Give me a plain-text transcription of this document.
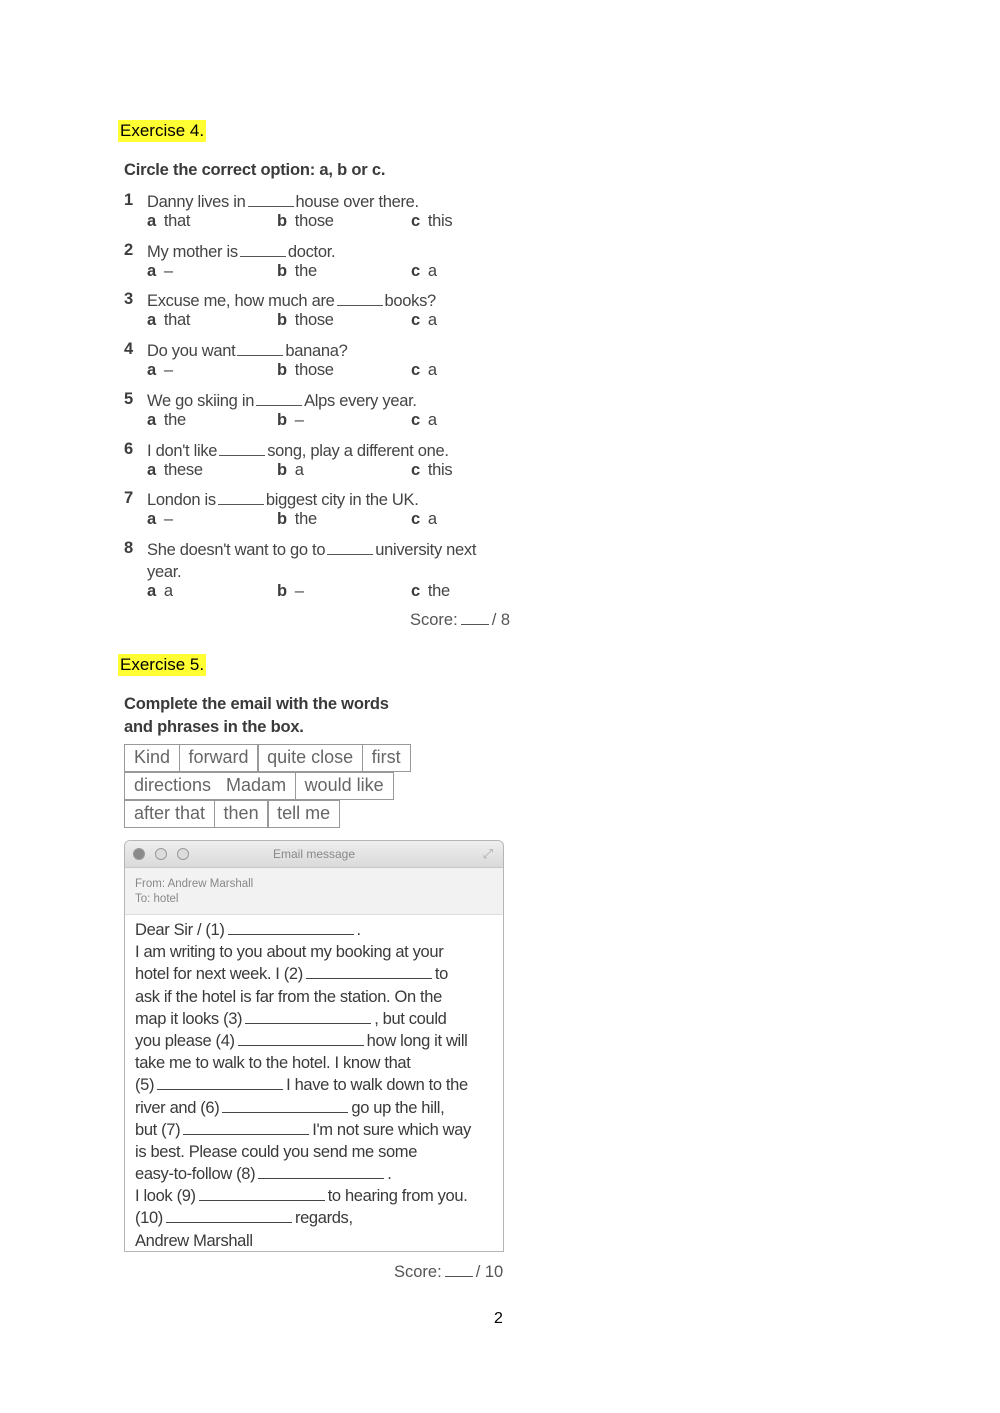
Exercise 4.
Circle the correct option: a, b or c.
1 Danny lives in	house over there.
a that	b those	c this
2 My mother is	doctor.
a –	b the	c a
3 Excuse me, how much are	books?
a that	b those	c a
4 Do you want	banana?
a –	b those	c a
5 We go skiing in	Alps every year.
a the	b –	c a
6 I don't like	song, play a different one.
a these	b a	c this
7 London is	biggest city in the UK.
a –	b the	c a
8 She doesn't want to go to	university next
year.
a a	b –	c the
Score: / 8
Exercise 5.
Complete the email with the words
and phrases in the box.
Kind	forward	quite close	first
directions   Madam	would like
after that	then	tell me
Email message	⤢
From: Andrew Marshall
To: hotel
Dear Sir / (1)	.
I am writing to you about my booking at your
hotel for next week. I (2)	to
ask if the hotel is far from the station. On the
map it looks (3)	, but could
you please (4)	how long it will
take me to walk to the hotel. I know that
(5)	I have to walk down to the
river and (6)	go up the hill,
but (7)	I'm not sure which way
is best. Please could you send me some
easy-to-follow (8)	.
I look (9)	to hearing from you.
(10)	regards,
Andrew Marshall
Score: / 10
2
